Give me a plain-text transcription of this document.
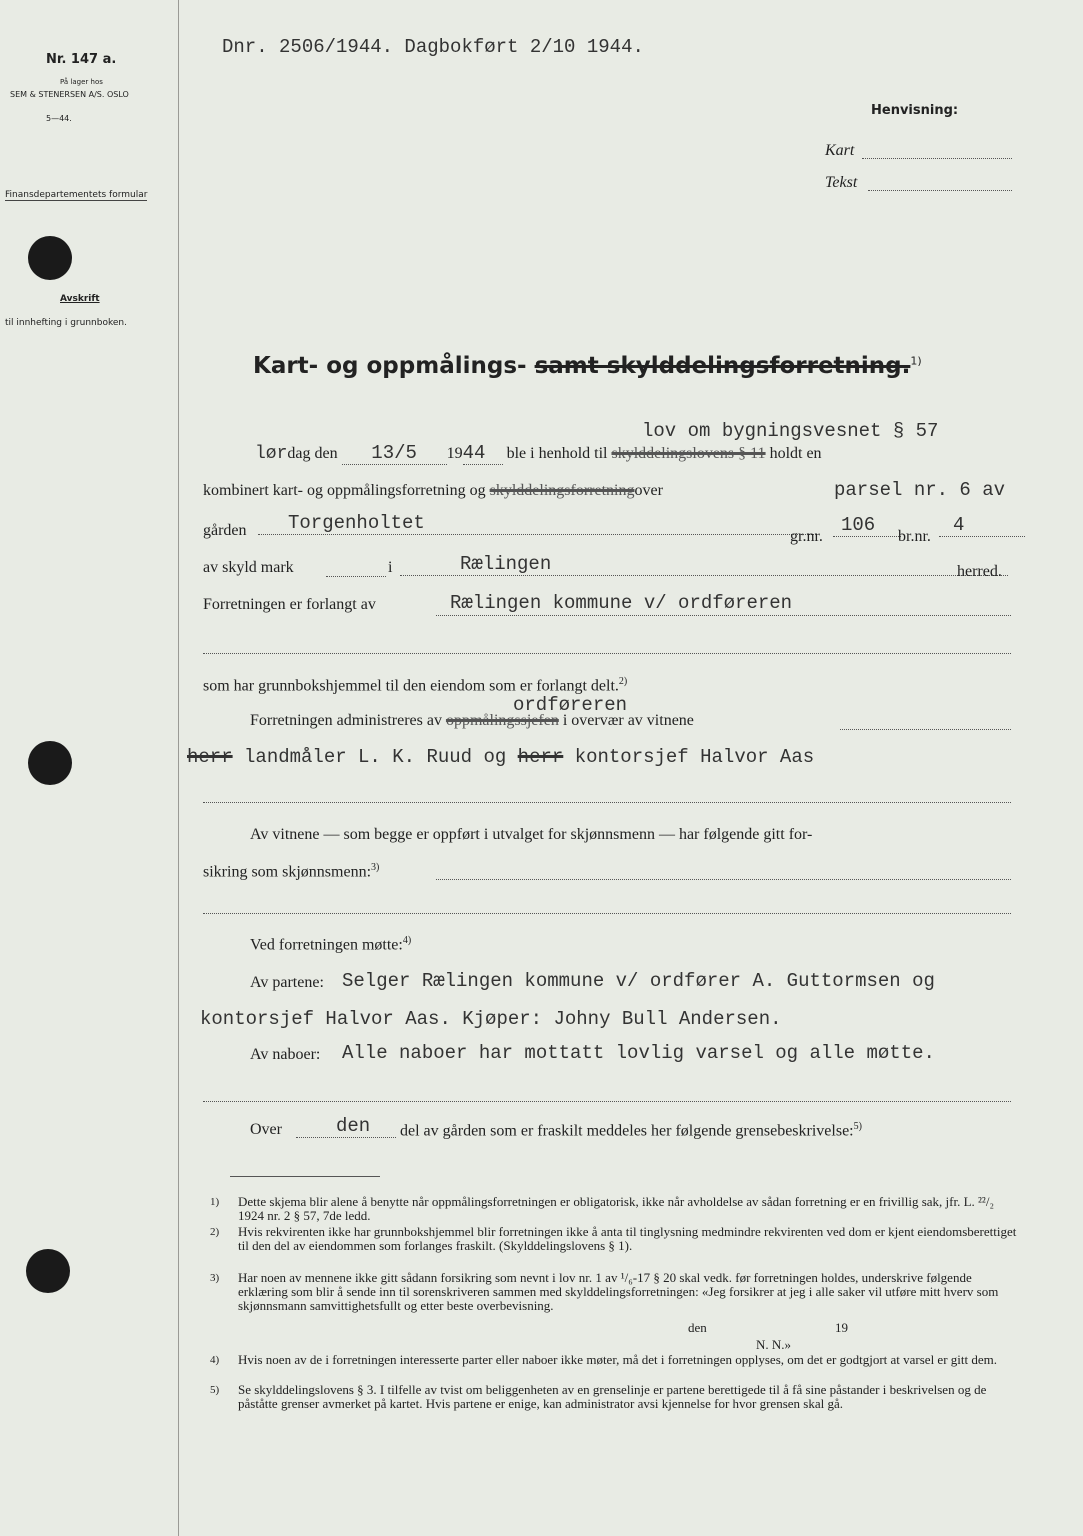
Nr. 147 a.
På lager hos
SEM & STENERSEN A/S. OSLO
5—44.
Finansdepartementets formular
Avskrift
til innhefting i grunnboken.
Dnr. 2506/1944. Dagbokført 2/10 1944.
Henvisning:
Kart
Tekst
Kart- og oppmålings- samt skylddelingsforretning.$^{1)}$
lov om bygningsvesnet § 57
lørdag den 13/5 1944 ble i henhold til skylddelingslovens § 11 holdt en
kombinert kart- og oppmålingsforretning og skylddelingsforretningover	parsel nr. 6 av
gården	Torgenholtet
gr.nr.
106
br.nr.
4
av skyld mark	i	Rælingen	herred.
Forretningen er forlangt av	Rælingen kommune v/ ordføreren
som har grunnbokshjemmel til den eiendom som er forlangt delt.$^{2)}$
ordføreren
Forretningen administreres av oppmålingssjefen i overvær av vitnene
herr landmåler L. K. Ruud og herr kontorsjef Halvor Aas
Av vitnene — som begge er oppført i utvalget for skjønnsmenn — har følgende gitt for-
sikring som skjønnsmenn:$^{3)}$
Ved forretningen møtte:$^{4)}$
Av partene: Selger Rælingen kommune v/ ordfører A. Guttormsen og
kontorsjef Halvor Aas. Kjøper: Johny Bull Andersen.
Av naboer: Alle naboer har mottatt lovlig varsel og alle møtte.
Over	den	del av gården som er fraskilt meddeles her følgende grensebeskrivelse:$^{5)}$
1) Dette skjema blir alene å benytte når oppmålingsforretningen er obligatorisk, ikke når avholdelse av sådan forretning er en frivillig sak, jfr. L. ²²/₂ 1924 nr. 2 § 57, 7de ledd.
2) Hvis rekvirenten ikke har grunnbokshjemmel blir forretningen ikke å anta til tinglysning medmindre rekvirenten ved dom er kjent eiendomsberettiget til den del av eiendommen som forlanges fraskilt. (Skylddelingslovens § 1).
3) Har noen av mennene ikke gitt sådann forsikring som nevnt i lov nr. 1 av ¹/₆-17 § 20 skal vedk. før forretningen holdes, underskrive følgende erklæring som blir å sende inn til sorenskriveren sammen med skylddelingsforretningen: «Jeg forsikrer at jeg i alle saker vil utføre mitt hverv som skjønnsmann samvittighetsfullt og etter beste overbevisning.
den	19
N. N.»
4) Hvis noen av de i forretningen interesserte parter eller naboer ikke møter, må det i forretningen opplyses, om det er godtgjort at varsel er gitt dem.
5) Se skylddelingslovens § 3. I tilfelle av tvist om beliggenheten av en grenselinje er partene berettigede til å få sine påstander i beskrivelsen og de påståtte grenser avmerket på kartet. Hvis partene er enige, kan administrator avsi kjennelse for hvor grensen skal gå.
